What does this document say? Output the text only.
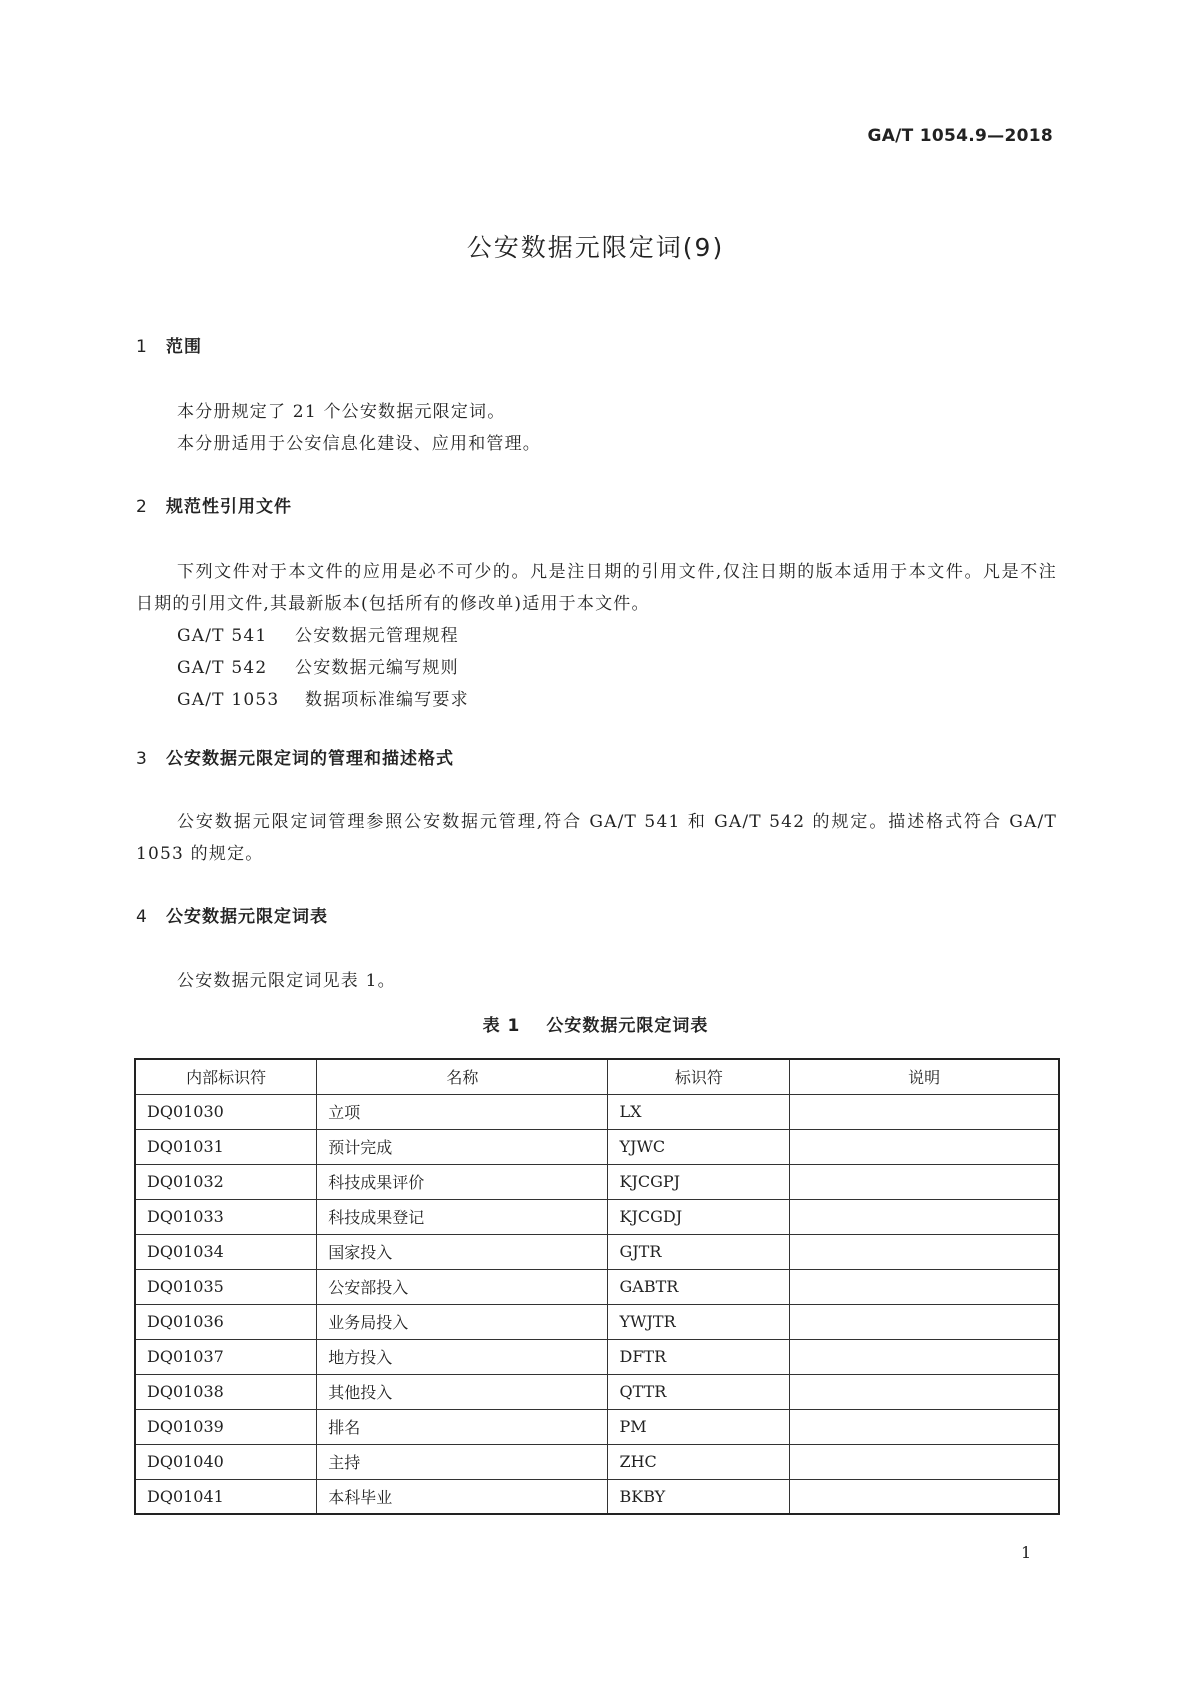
GA/T 1054.9—2018
公安数据元限定词(9)
1 范围

本分册规定了 21 个公安数据元限定词。

本分册适用于公安信息化建设、应用和管理。

2 规范性引用文件

下列文件对于本文件的应用是必不可少的。凡是注日期的引用文件,仅注日期的版本适用于本文件。凡是不注日期的引用文件,其最新版本(包括所有的修改单)适用于本文件。

GA/T 541 公安数据元管理规程
GA/T 542 公安数据元编写规则
GA/T 1053 数据项标准编写要求
3 公安数据元限定词的管理和描述格式

公安数据元限定词管理参照公安数据元管理,符合 GA/T 541 和 GA/T 542 的规定。描述格式符合 GA/T 1053 的规定。

4 公安数据元限定词表

公安数据元限定词见表 1。

表 1 公安数据元限定词表
内部标识符	名称	标识符	说明
DQ01030	立项	LX	
DQ01031	预计完成	YJWC	
DQ01032	科技成果评价	KJCGPJ	
DQ01033	科技成果登记	KJCGDJ	
DQ01034	国家投入	GJTR	
DQ01035	公安部投入	GABTR	
DQ01036	业务局投入	YWJTR	
DQ01037	地方投入	DFTR	
DQ01038	其他投入	QTTR	
DQ01039	排名	PM	
DQ01040	主持	ZHC	
DQ01041	本科毕业	BKBY	
1
